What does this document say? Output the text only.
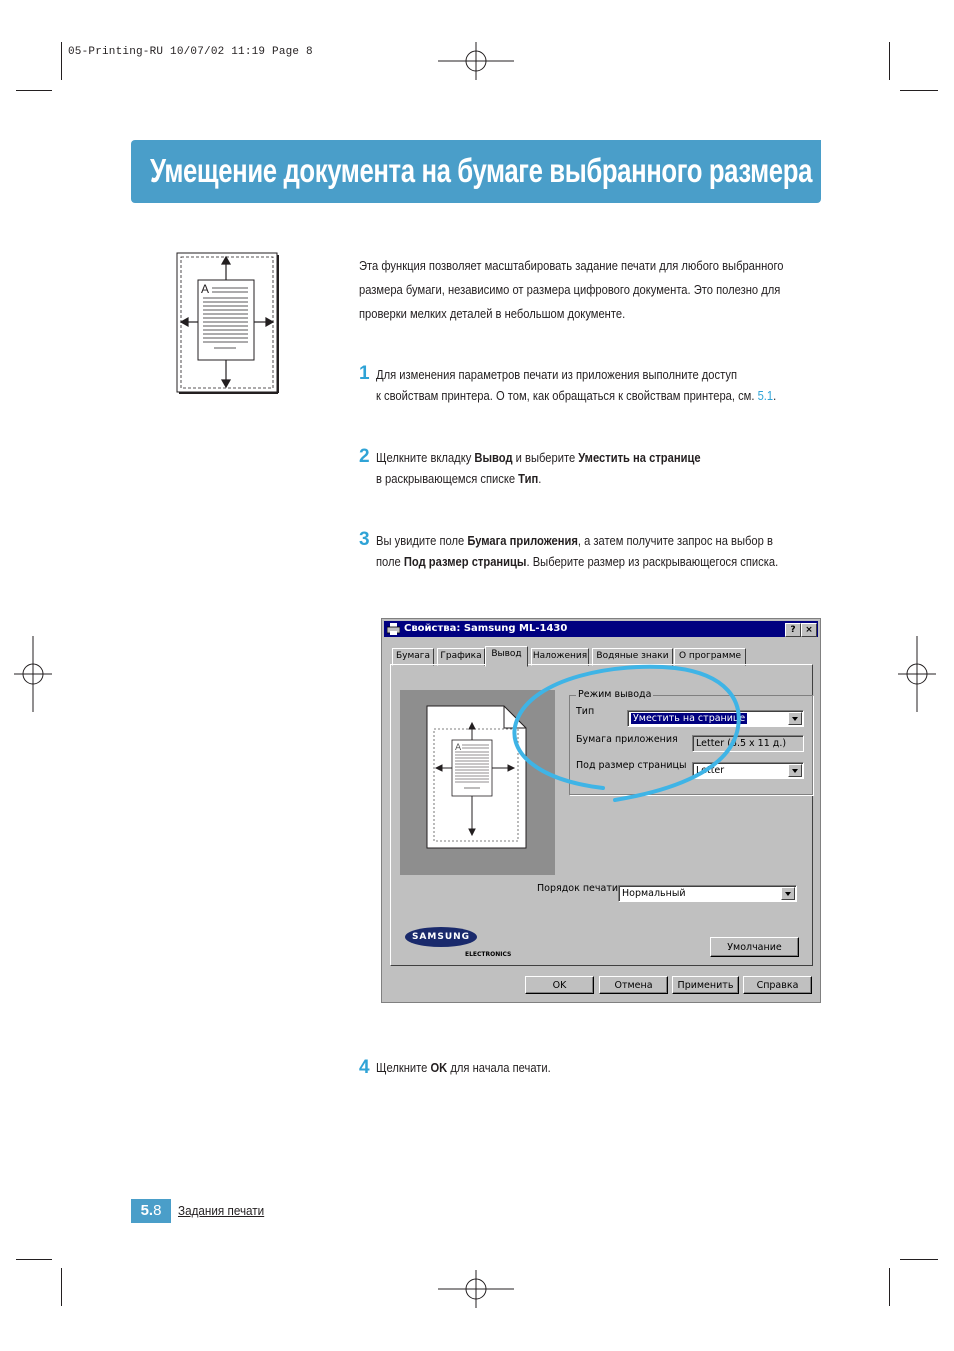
05-Printing-RU 10/07/02 11:19 Page 8
Умещение документа на бумаге выбранного размера
A

Эта функция позволяет масштабировать задание печати для любого выбранного

размера бумаги, независимо от размера цифрового документа. Это полезно для

проверки мелких деталей в небольшом документе.

1 Для изменения параметров печати из приложения выполните доступ
к свойствам принтера. О том, как обращаться к свойствам принтера, см. 5.1.
2 Щелкните вкладку Вывод и выберите Уместить на странице
в раскрывающемся списке Тип.
3 Вы увидите поле Бумага приложения, а затем получите запрос на выбор в
поле Под размер страницы. Выберите размер из раскрывающегося списка.
Свойства: Samsung ML-1430	?	×
Бумага	Графика	Вывод	Наложения	Водяные знаки	О программе
A
Режим вывода
Тип
Уместить на странице
Бумага приложения	Letter (8.5 x 11 д.)
Под размер страницы	Letter
Порядок печати Нормальный
SAMSUNG
ELECTRONICS
Умолчание
OK	Отмена	Применить	Справка
4 Щелкните OK для начала печати.
5.8	Задания печати
